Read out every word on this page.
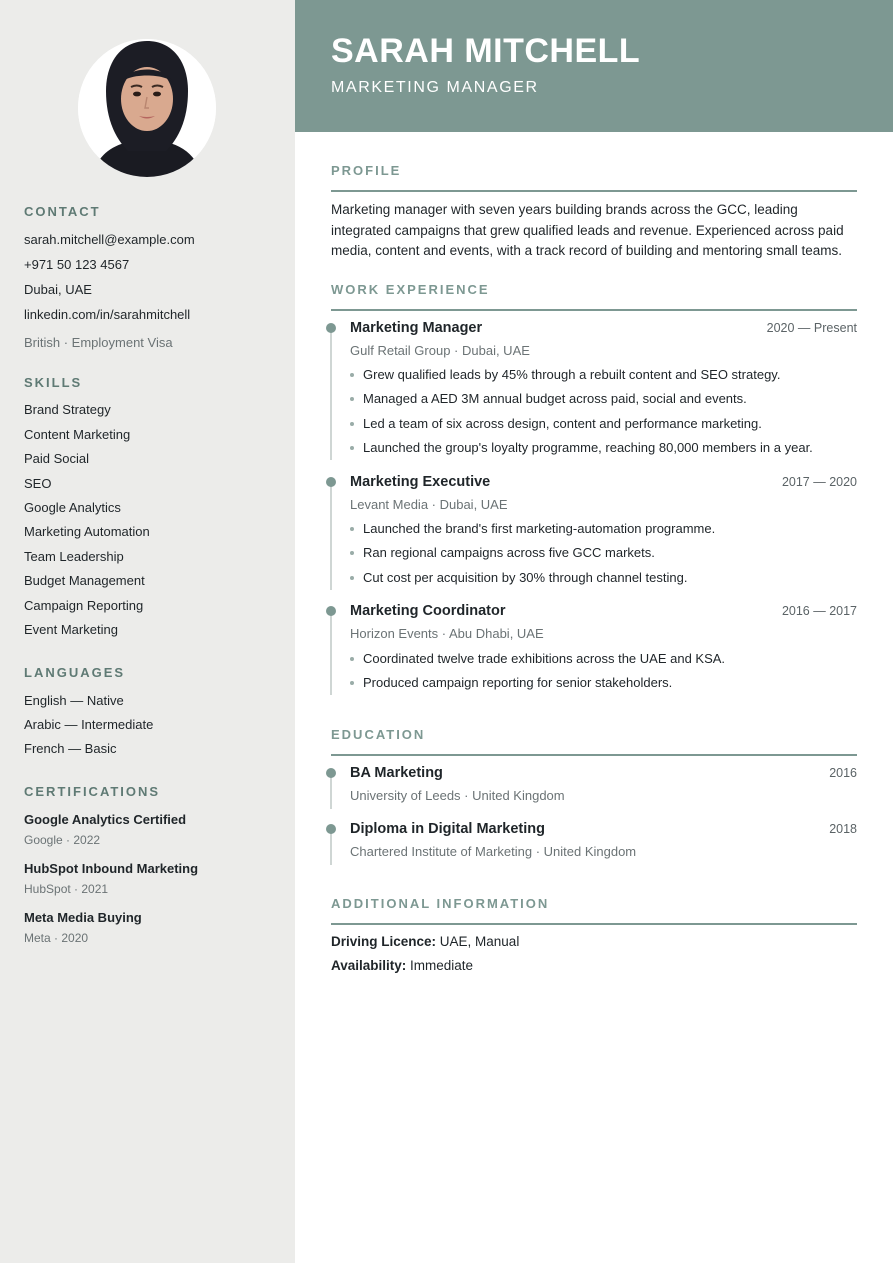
CONTACT
sarah.mitchell@example.com
+971 50 123 4567
Dubai, UAE
linkedin.com/in/sarahmitchell
British · Employment Visa
SKILLS
Brand Strategy
Content Marketing
Paid Social
SEO
Google Analytics
Marketing Automation
Team Leadership
Budget Management
Campaign Reporting
Event Marketing
LANGUAGES
English — Native
Arabic — Intermediate
French — Basic
CERTIFICATIONS
Google Analytics Certified
Google · 2022
HubSpot Inbound Marketing
HubSpot · 2021
Meta Media Buying
Meta · 2020
SARAH MITCHELL
MARKETING MANAGER
PROFILE
Marketing manager with seven years building brands across the GCC, leading integrated campaigns that grew qualified leads and revenue. Experienced across paid media, content and events, with a track record of building and mentoring small teams.
WORK EXPERIENCE
Marketing Manager	2020 — Present
Gulf Retail Group · Dubai, UAE
Grew qualified leads by 45% through a rebuilt content and SEO strategy.
Managed a AED 3M annual budget across paid, social and events.
Led a team of six across design, content and performance marketing.
Launched the group's loyalty programme, reaching 80,000 members in a year.
Marketing Executive	2017 — 2020
Levant Media · Dubai, UAE
Launched the brand's first marketing-automation programme.
Ran regional campaigns across five GCC markets.
Cut cost per acquisition by 30% through channel testing.
Marketing Coordinator	2016 — 2017
Horizon Events · Abu Dhabi, UAE
Coordinated twelve trade exhibitions across the UAE and KSA.
Produced campaign reporting for senior stakeholders.
EDUCATION
BA Marketing	2016
University of Leeds · United Kingdom
Diploma in Digital Marketing	2018
Chartered Institute of Marketing · United Kingdom
ADDITIONAL INFORMATION
Driving Licence: UAE, Manual
Availability: Immediate
